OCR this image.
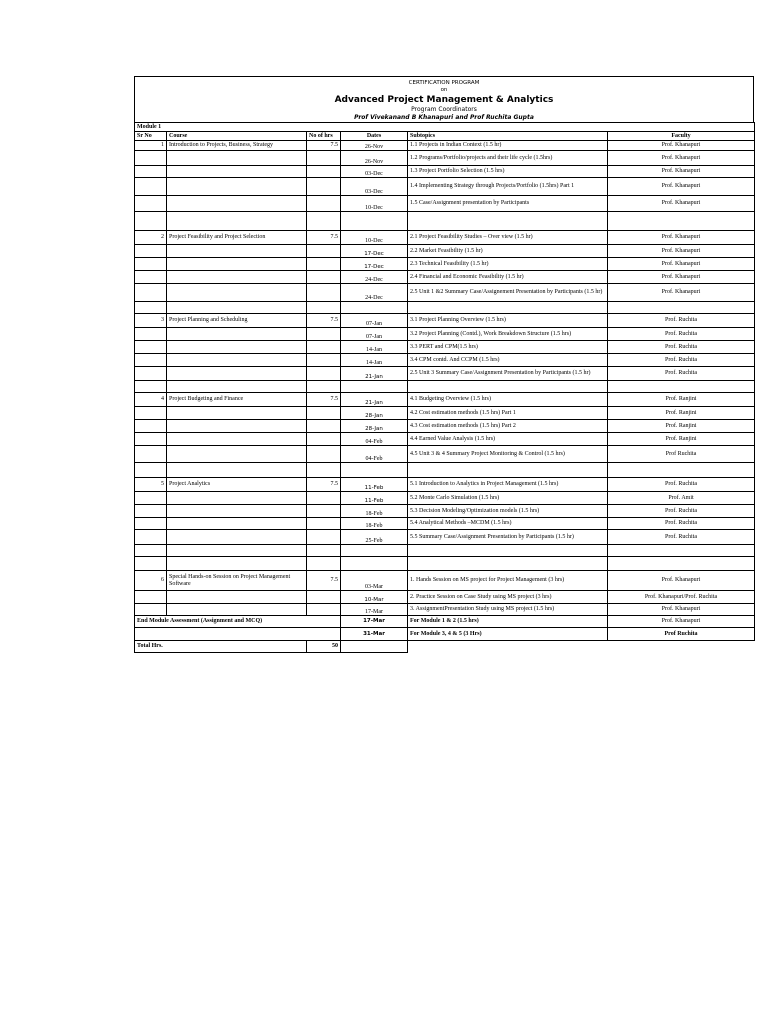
CERTIFICATION PROGRAM
on
Advanced Project Management & Analytics
Program Coordinators
Prof Vivekanand B Khanapuri and Prof Ruchita Gupta
Module 1					
Sr No	Course	No of hrs	Dates	Subtopics	Faculty
1	Introduction to Projects, Business, Strategy	7.5	26-Nov	1.1 Projects in Indian Context (1.5 hr)	Prof. Khanapuri
			26-Nov	1.2 Programs/Portfolio/projects and their life cycle (1.5hrs)	Prof. Khanapuri
			03-Dec	1.3 Project Portfolio Selection (1.5 hrs)	Prof. Khanapuri
			03-Dec	1.4 Implementing Strategy through Projects/Portfolio (1.5hrs) Part 1	Prof. Khanapuri
			10-Dec	1.5 Case/Assignment presentation by Participants	Prof. Khanapuri

2	Project Feasibility and Project Selection	7.5	10-Dec	2.1 Project Feasibility Studies – Over view (1.5 hr)	Prof. Khanapuri
			17-Dec	2.2 Market Feasibility (1.5 hr)	Prof. Khanapuri
			17-Dec	2.3 Technical Feasibility (1.5 hr)	Prof. Khanapuri
			24-Dec	2.4 Financial and Economic Feasibility (1.5 hr)	Prof. Khanapuri
			24-Dec	2.5 Unit 1 &2 Summary Case/Assignement Presentation by Participants (1.5 hr)	Prof. Khanapuri

3	Project Planning and Scheduling	7.5	07-Jan	3.1 Project Planning Overview (1.5 hrs)	Prof. Ruchita
			07-Jan	3.2 Project Planning (Contd.), Work Breakdown Structure (1.5 hrs)	Prof. Ruchita
			14-Jan	3.3 PERT and CPM(1.5 hrs)	Prof. Ruchita
			14-Jan	3.4 CPM contd. And CCPM (1.5 hrs)	Prof. Ruchita
			21-Jan	2.5 Unit 3 Summary Case/Assignment Presentation by Participants (1.5 hr)	Prof. Ruchita

4	Project Budgeting and Finance	7.5	21-Jan	4.1 Budgeting Overview (1.5 hrs)	Prof. Ranjini
			28-Jan	4.2 Cost estimation methods (1.5 hrs) Part 1	Prof. Ranjini
			28-Jan	4.3 Cost estimation methods (1.5 hrs) Part 2	Prof. Ranjini
			04-Feb	4.4 Earned Value Analysis (1.5 hrs)	Prof. Ranjini
			04-Feb	4.5 Unit 3 & 4 Summary Project Monitoring & Control (1.5 hrs)	Prof Ruchita

5	Project Analytics	7.5	11-Feb	5.1 Introduction to Analytics in Project Management (1.5 hrs)	Prof. Ruchita
			11-Feb	5.2 Monte Carlo Simulation (1.5 hrs)	Prof. Amit
			18-Feb	5.3 Decision Modeling/Optimization models (1.5 hrs)	Prof. Ruchita
			18-Feb	5.4 Analytical Methods –MCDM (1.5 hrs)	Prof. Ruchita
			25-Feb	5.5 Summary Case/Assignment Presentation by Participants (1.5 hr)	Prof. Ruchita

6	Special Hands-on Session on Project Management Software	7.5	03-Mar	1. Hands Session on MS project for Project Management (3 hrs)	Prof. Khanapuri
			10-Mar	2. Practice Session on Case Study using MS project (3 hrs)	Prof. Khanapuri/Prof. Ruchita
			17-Mar	3. AssignmentPresentation Study using MS project (1.5 hrs)	Prof. Khanapuri
End Module Assessment (Assignment and MCQ)			17-Mar	For Module 1 & 2 (1.5 hrs)	Prof. Khanapuri
			31-Mar	For Module 3, 4 & 5 (3 Hrs)	Prof Ruchita
Total Hrs.		50			
